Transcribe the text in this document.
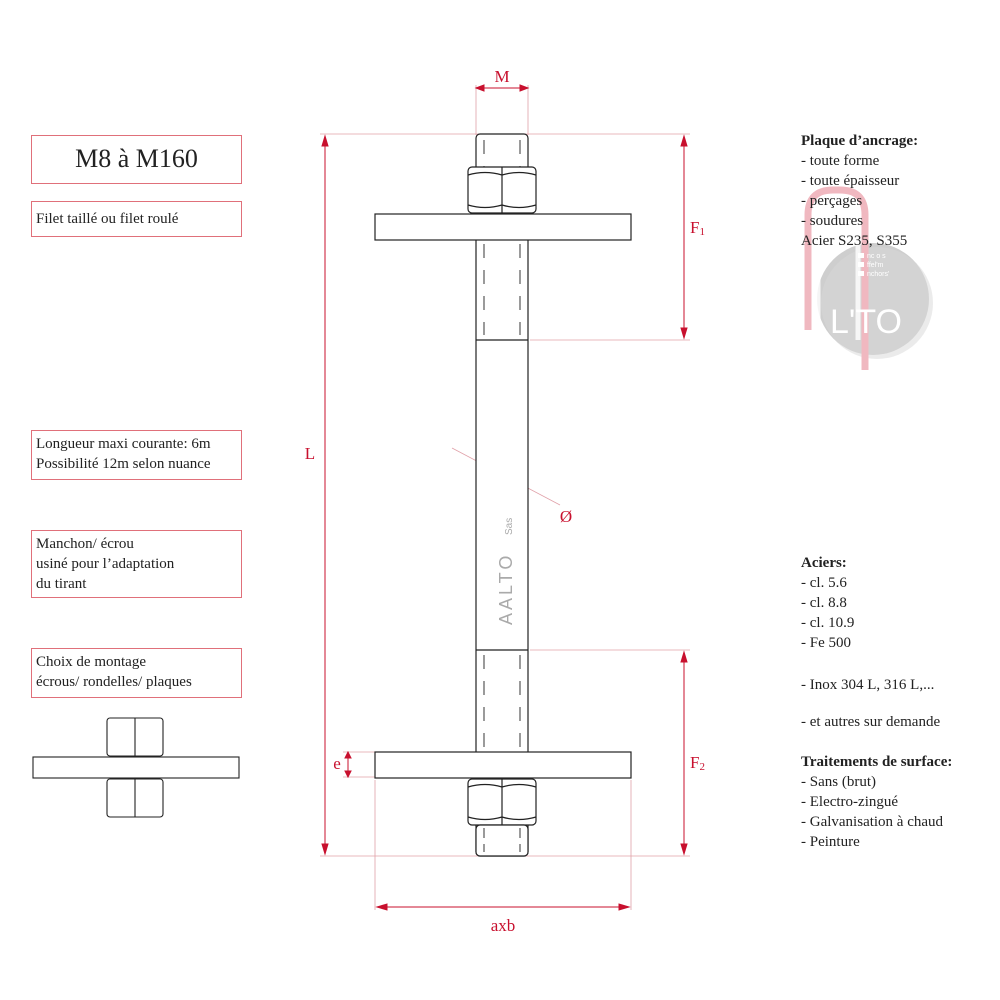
M8 à M160
Filet taillé ou filet roulé
Longueur maxi courante: 6m
Possibilité 12m selon nuance
Manchon/ écrou
usiné pour l’adaptation
du tirant
Choix de montage
écrous/ rondelles/ plaques
L'TO
nc o s
ffel'm
nchors'
M
L
F1
F2
Ø
e
axb
AALTO
Sas
Plaque d’ancrage:
- toute forme
- toute épaisseur
- perçages
- soudures
Acier S235, S355
Aciers:
- cl. 5.6
- cl. 8.8
- cl. 10.9
- Fe 500
- Inox 304 L, 316 L,...
- et autres sur demande
Traitements de surface:
- Sans (brut)
- Electro-zingué
- Galvanisation à chaud
- Peinture
